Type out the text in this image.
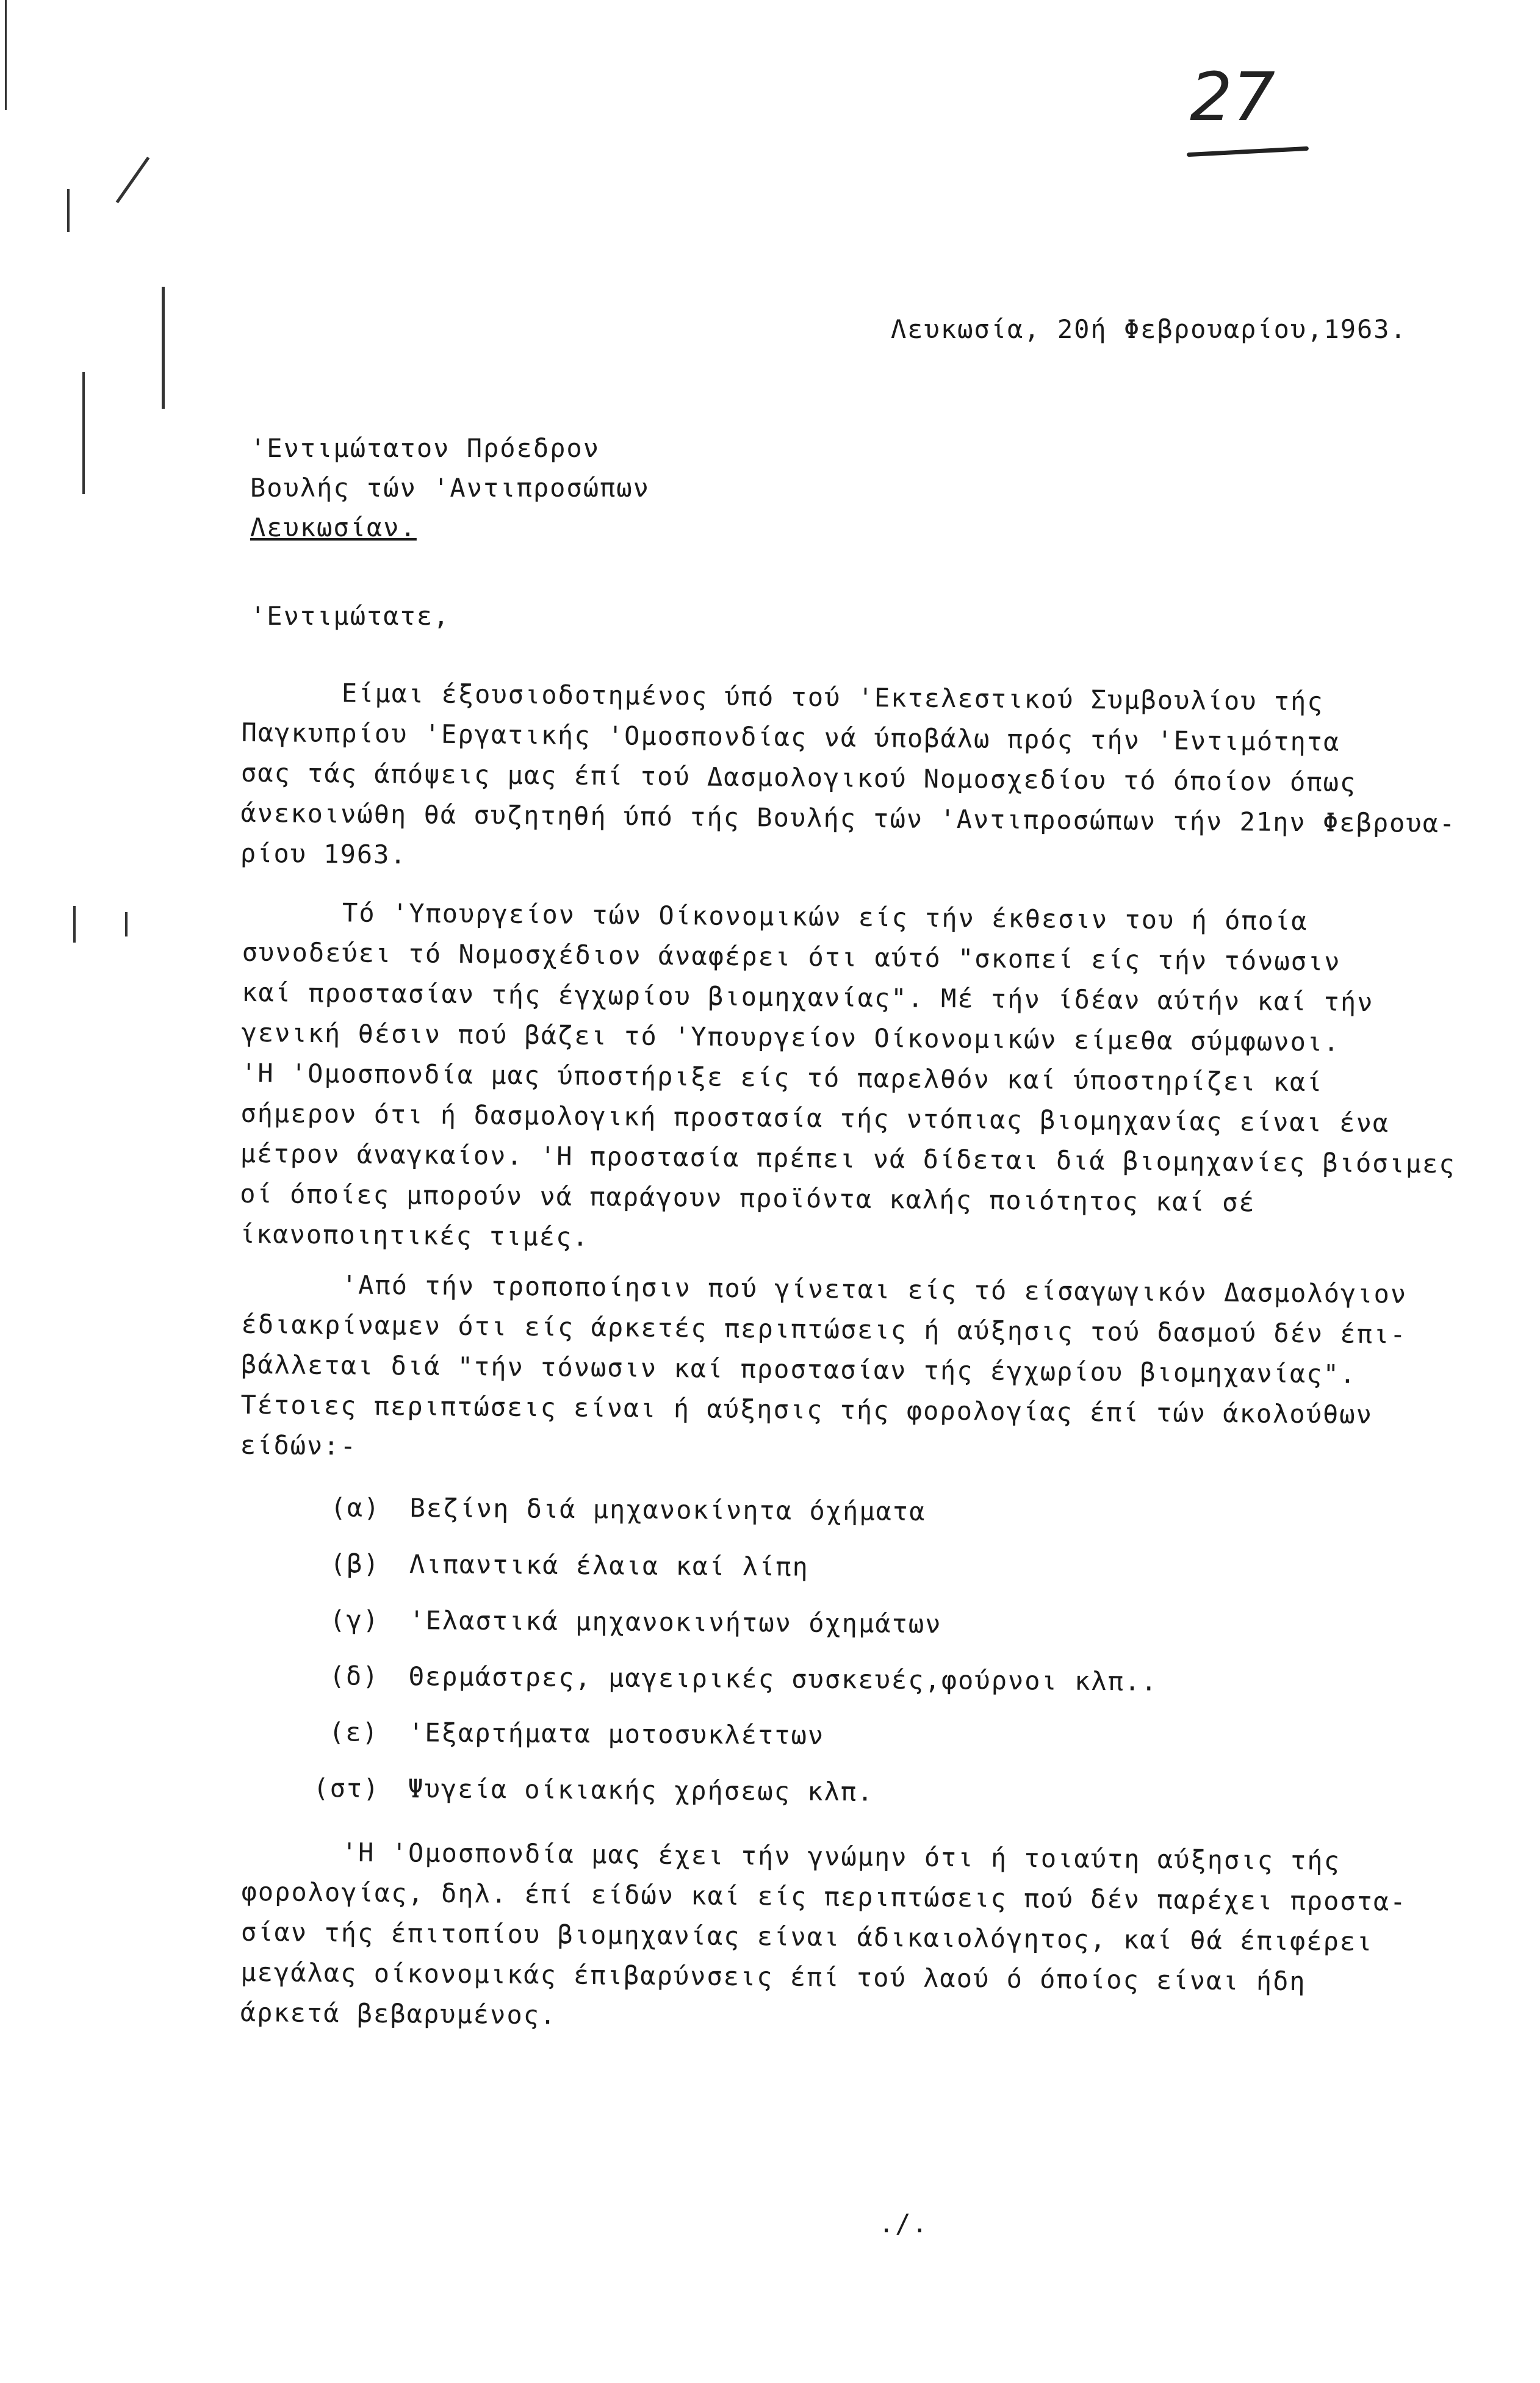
27
Λευκωσία, 20ή Φεβρουαρίου,1963.
'Εντιμώτατον Πρόεδρον
Βουλής τών 'Αντιπροσώπων
Λευκωσίαν.
'Εντιμώτατε,
Είμαι έξουσιοδοτημένος ύπό τού 'Εκτελεστικού Συμβουλίου τής
Παγκυπρίου 'Εργατικής 'Ομοσπονδίας νά ύποβάλω πρός τήν 'Εντιμότητα
σας τάς άπόψεις μας έπί τού Δασμολογικού Νομοσχεδίου τό όποίον όπως
άνεκοινώθη θά συζητηθή ύπό τής Βουλής τών 'Αντιπροσώπων τήν 21ην Φεβρουα-
ρίου 1963.
Τό 'Υπουργείον τών Οίκονομικών είς τήν έκθεσιν του ή όποία
συνοδεύει τό Νομοσχέδιον άναφέρει ότι αύτό "σκοπεί είς τήν τόνωσιν
καί προστασίαν τής έγχωρίου βιομηχανίας". Μέ τήν ίδέαν αύτήν καί τήν
γενική θέσιν πού βάζει τό 'Υπουργείον Οίκονομικών είμεθα σύμφωνοι.
'Η 'Ομοσπονδία μας ύποστήριξε είς τό παρελθόν καί ύποστηρίζει καί
σήμερον ότι ή δασμολογική προστασία τής ντόπιας βιομηχανίας είναι ένα
μέτρον άναγκαίον. 'Η προστασία πρέπει νά δίδεται διά βιομηχανίες βιόσιμες
οί όποίες μπορούν νά παράγουν προϊόντα καλής ποιότητος καί σέ
ίκανοποιητικές τιμές.
'Από τήν τροποποίησιν πού γίνεται είς τό είσαγωγικόν Δασμολόγιον
έδιακρίναμεν ότι είς άρκετές περιπτώσεις ή αύξησις τού δασμού δέν έπι-
βάλλεται διά "τήν τόνωσιν καί προστασίαν τής έγχωρίου βιομηχανίας".
Τέτοιες περιπτώσεις είναι ή αύξησις τής φορολογίας έπί τών άκολούθων
είδών:-
(α) Βεζίνη διά μηχανοκίνητα όχήματα
(β) Λιπαντικά έλαια καί λίπη
(γ) 'Ελαστικά μηχανοκινήτων όχημάτων
(δ) Θερμάστρες, μαγειρικές συσκευές,φούρνοι κλπ..
(ε) 'Εξαρτήματα μοτοσυκλέττων
(στ) Ψυγεία οίκιακής χρήσεως κλπ.
'Η 'Ομοσπονδία μας έχει τήν γνώμην ότι ή τοιαύτη αύξησις τής
φορολογίας, δηλ. έπί είδών καί είς περιπτώσεις πού δέν παρέχει προστα-
σίαν τής έπιτοπίου βιομηχανίας είναι άδικαιολόγητος, καί θά έπιφέρει
μεγάλας οίκονομικάς έπιβαρύνσεις έπί τού λαού ό όποίος είναι ήδη
άρκετά βεβαρυμένος.
./.
